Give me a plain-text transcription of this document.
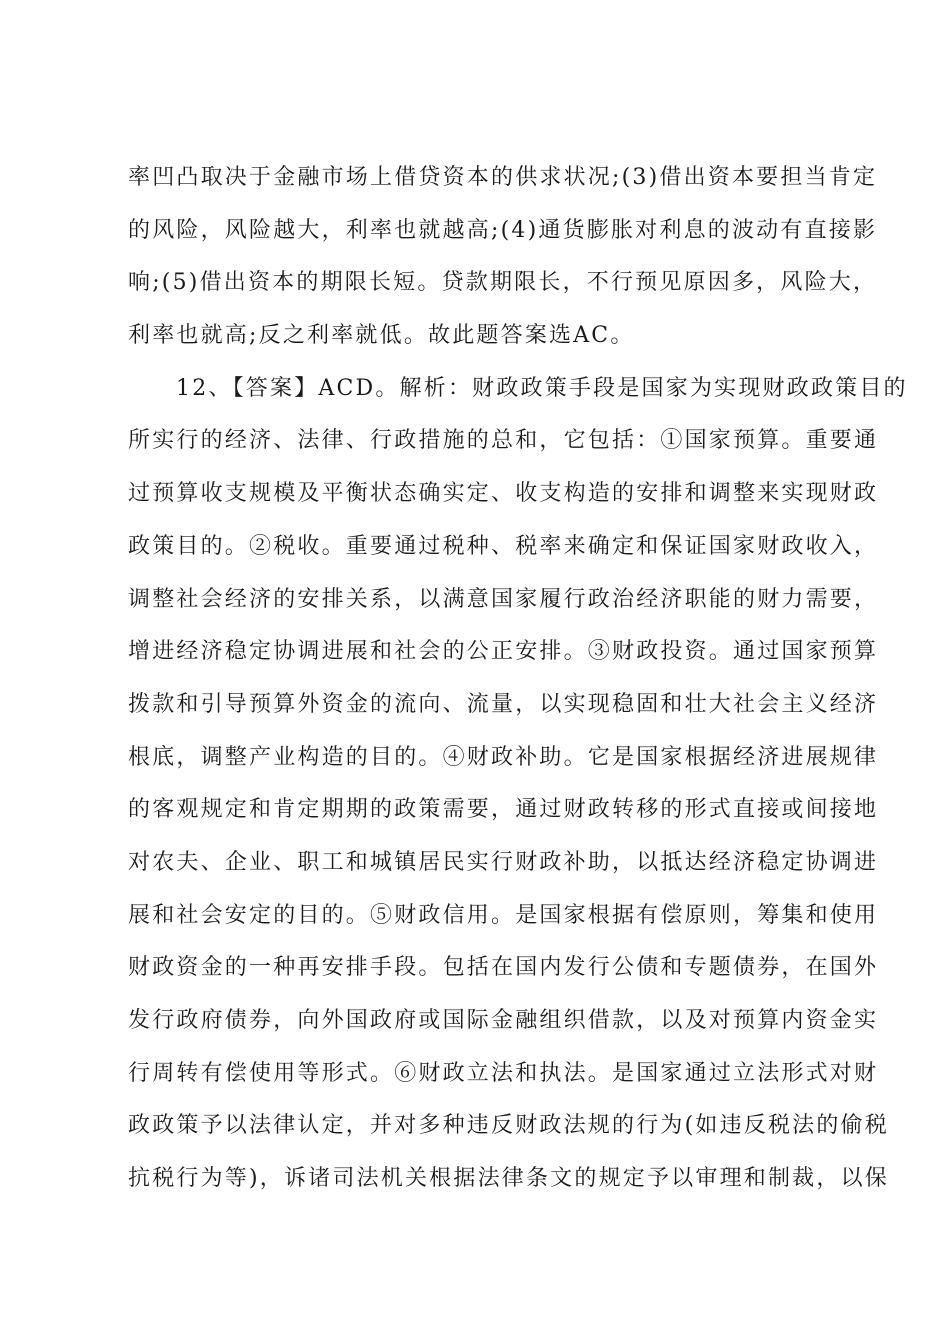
率凹凸取决于金融市场上借贷资本的供求状况;(3)借出资本要担当肯定
的风险，风险越大，利率也就越高;(4)通货膨胀对利息的波动有直接影
响;(5)借出资本的期限长短。贷款期限长，不行预见原因多，风险大，
利率也就高;反之利率就低。故此题答案选AC。
12、【答案】ACD。解析：财政政策手段是国家为实现财政政策目的
所实行的经济、法律、行政措施的总和，它包括：①国家预算。重要通
过预算收支规模及平衡状态确实定、收支构造的安排和调整来实现财政
政策目的。②税收。重要通过税种、税率来确定和保证国家财政收入，
调整社会经济的安排关系，以满意国家履行政治经济职能的财力需要，
增进经济稳定协调进展和社会的公正安排。③财政投资。通过国家预算
拨款和引导预算外资金的流向、流量，以实现稳固和壮大社会主义经济
根底，调整产业构造的目的。④财政补助。它是国家根据经济进展规律
的客观规定和肯定期期的政策需要，通过财政转移的形式直接或间接地
对农夫、企业、职工和城镇居民实行财政补助，以抵达经济稳定协调进
展和社会安定的目的。⑤财政信用。是国家根据有偿原则，筹集和使用
财政资金的一种再安排手段。包括在国内发行公债和专题债券，在国外
发行政府债券，向外国政府或国际金融组织借款，以及对预算内资金实
行周转有偿使用等形式。⑥财政立法和执法。是国家通过立法形式对财
政政策予以法律认定，并对多种违反财政法规的行为(如违反税法的偷税
抗税行为等)，诉诸司法机关根据法律条文的规定予以审理和制裁，以保
